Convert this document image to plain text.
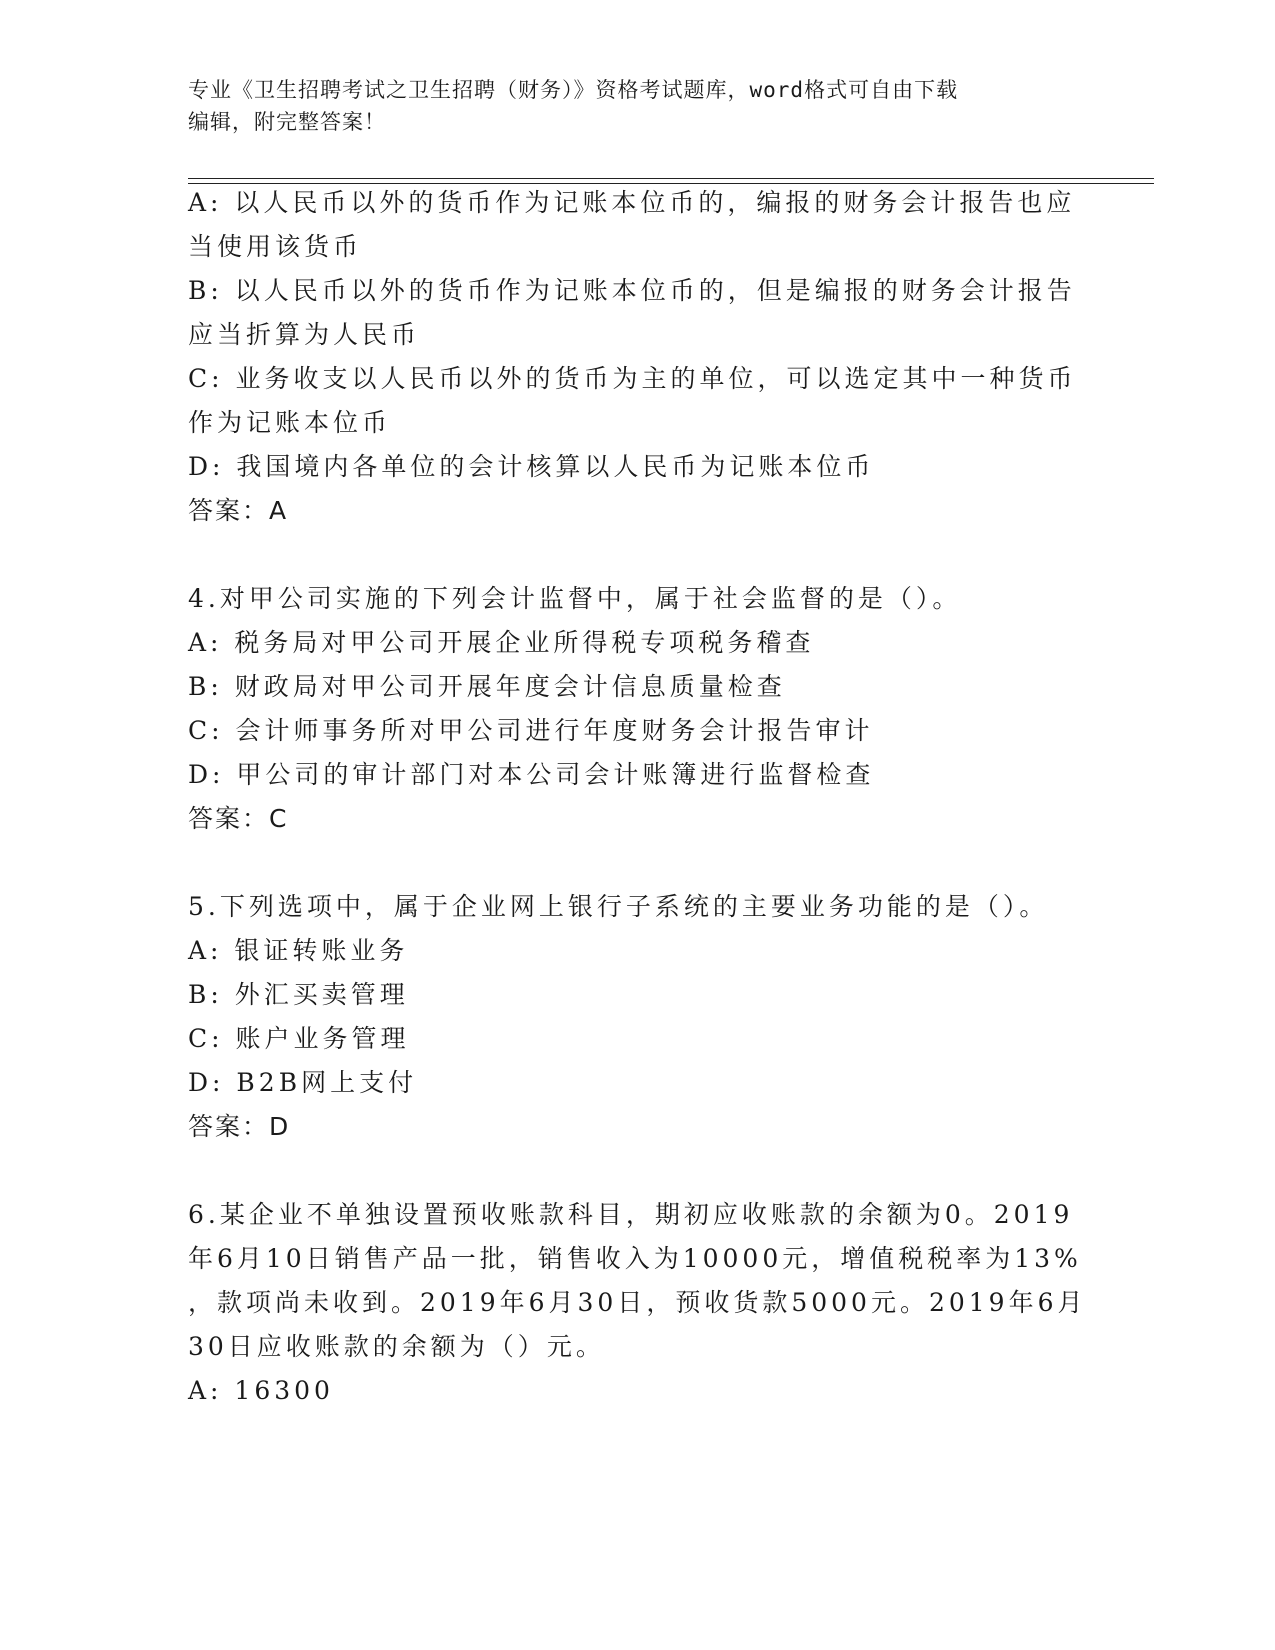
专业《卫生招聘考试之卫生招聘（财务）》资格考试题库，word格式可自由下载
编辑，附完整答案！
A: 以人民币以外的货币作为记账本位币的，编报的财务会计报告也应
当使用该货币
B: 以人民币以外的货币作为记账本位币的，但是编报的财务会计报告
应当折算为人民币
C: 业务收支以人民币以外的货币为主的单位，可以选定其中一种货币
作为记账本位币
D: 我国境内各单位的会计核算以人民币为记账本位币
答案：A
4.对甲公司实施的下列会计监督中，属于社会监督的是（）。
A: 税务局对甲公司开展企业所得税专项税务稽查
B: 财政局对甲公司开展年度会计信息质量检查
C: 会计师事务所对甲公司进行年度财务会计报告审计
D: 甲公司的审计部门对本公司会计账簿进行监督检查
答案：C
5.下列选项中，属于企业网上银行子系统的主要业务功能的是（）。
A: 银证转账业务
B: 外汇买卖管理
C: 账户业务管理
D: B2B网上支付
答案：D
6.某企业不单独设置预收账款科目，期初应收账款的余额为0。2019
年6月10日销售产品一批，销售收入为10000元，增值税税率为13%
，款项尚未收到。2019年6月30日，预收货款5000元。2019年6月
30日应收账款的余额为（）元。
A: 16300
